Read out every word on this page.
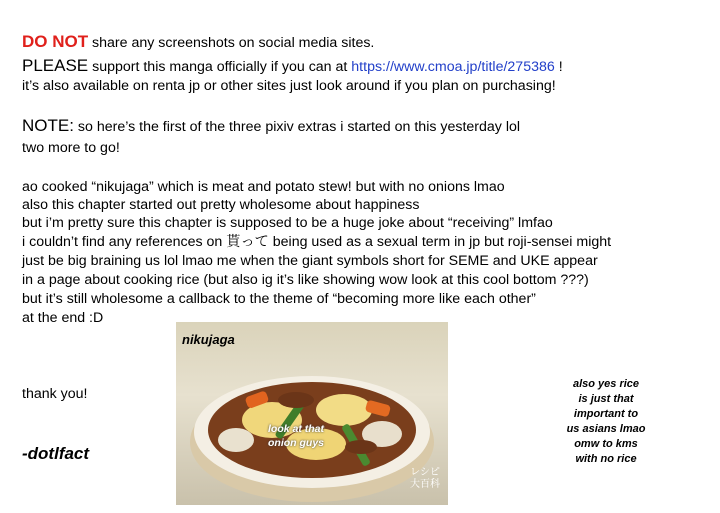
DO NOT share any screenshots on social media sites.
PLEASE support this manga officially if you can at https://www.cmoa.jp/title/275386 !
it’s also available on renta jp or other sites just look around if you plan on purchasing!
NOTE: so here’s the first of the three pixiv extras i started on this yesterday lol
two more to go!
ao cooked “nikujaga” which is meat and potato stew! but with no onions lmao
also this chapter started out pretty wholesome about happiness
but i’m pretty sure this chapter is supposed to be a huge joke about “receiving” lmfao
i couldn’t find any references on 貰って being used as a sexual term in jp but roji-sensei might
just be big braining us lol lmao me when the giant symbols short for SEME and UKE appear
in a page about cooking rice (but also ig it’s like showing wow look at this cool bottom ???)
but it’s still wholesome a callback to the theme of “becoming more like each other”
at the end :D
nikujaga
look at that
onion guys
レシピ
大百科
also yes rice
is just that
important to
us asians lmao
omw to kms
with no rice
thank you!
-dotlfact
